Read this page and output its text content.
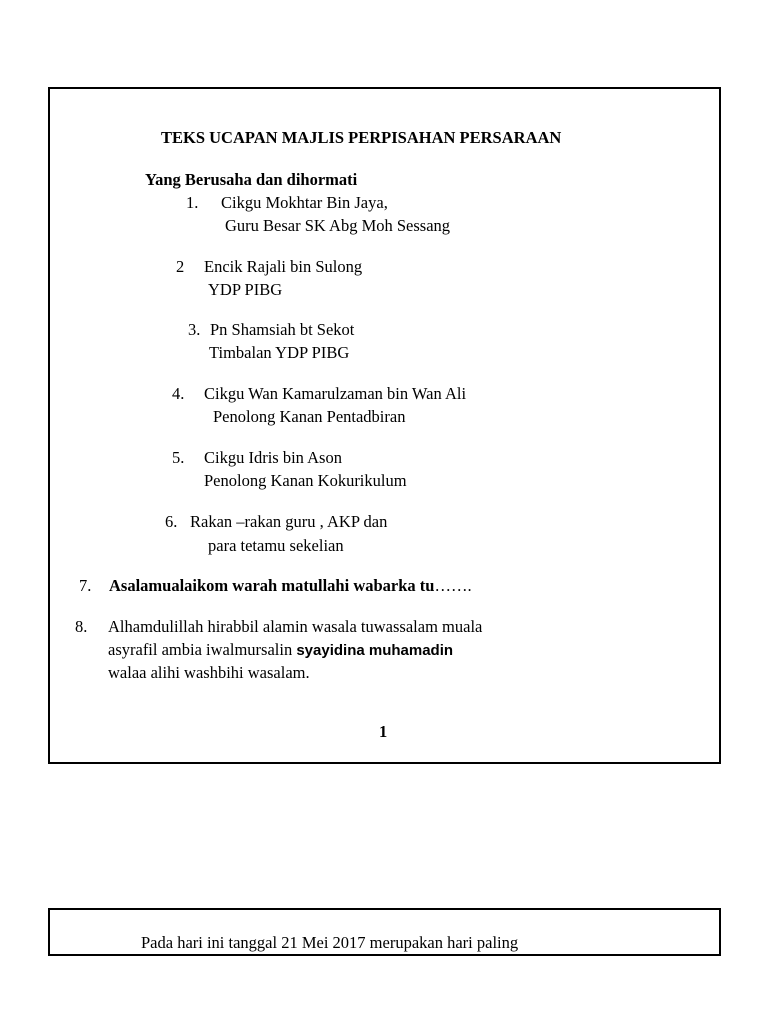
TEKS UCAPAN MAJLIS PERPISAHAN PERSARAAN
Yang Berusaha dan dihormati
1. Cikgu Mokhtar Bin Jaya,
Guru Besar SK Abg Moh Sessang
2 Encik Rajali bin Sulong
YDP PIBG
3. Pn Shamsiah bt Sekot
Timbalan YDP PIBG
4. Cikgu Wan Kamarulzaman bin Wan Ali
Penolong Kanan Pentadbiran
5. Cikgu Idris bin Ason
Penolong Kanan Kokurikulum
6. Rakan –rakan guru , AKP dan
para tetamu sekelian
7. Asalamualaikom warah matullahi wabarka tu…….
8. Alhamdulillah hirabbil alamin wasala tuwassalam muala
asyrafil ambia iwalmursalin syayidina muhamadin
walaa alihi washbihi wasalam.
1
Pada hari ini tanggal 21 Mei 2017 merupakan hari paling
